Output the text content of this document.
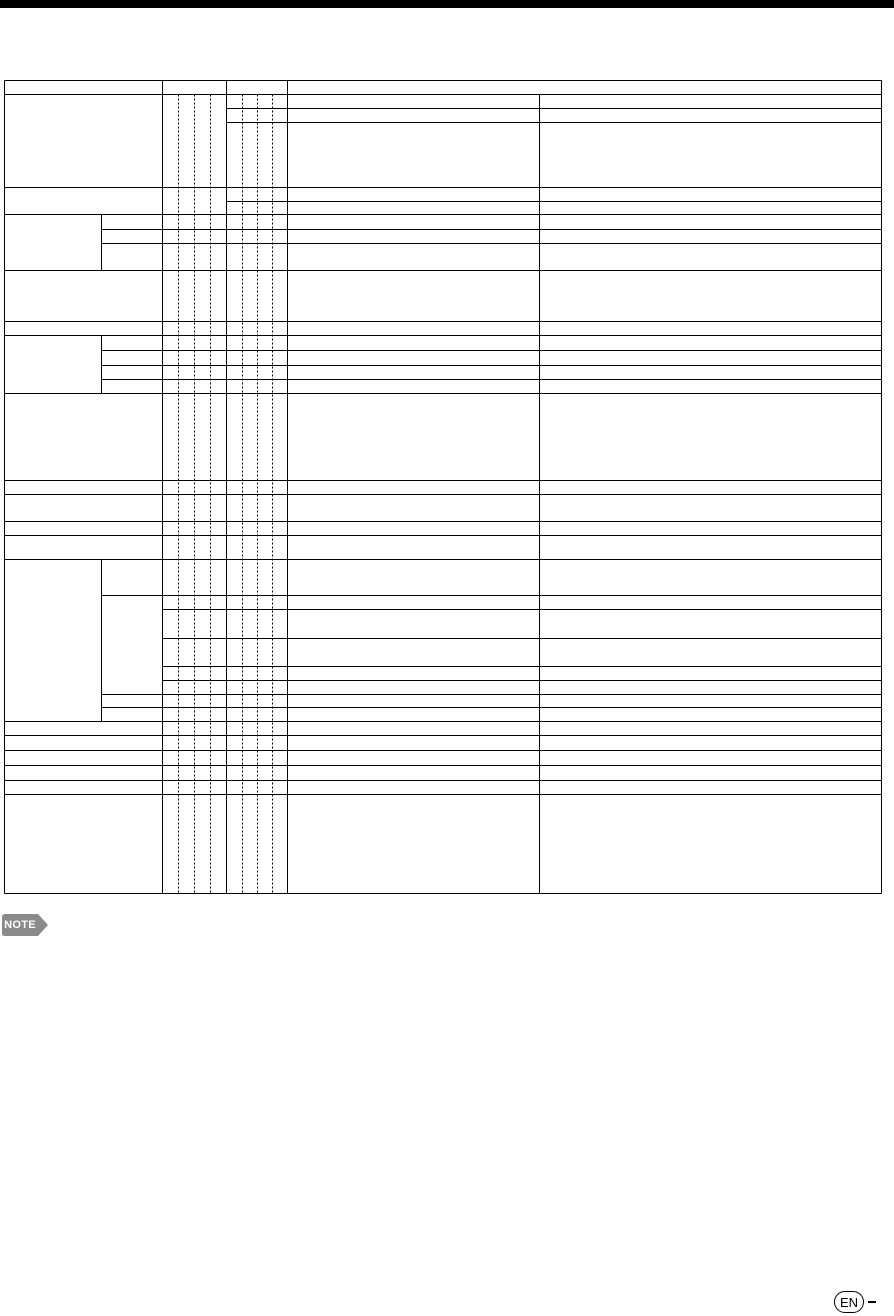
NOTE
EN
